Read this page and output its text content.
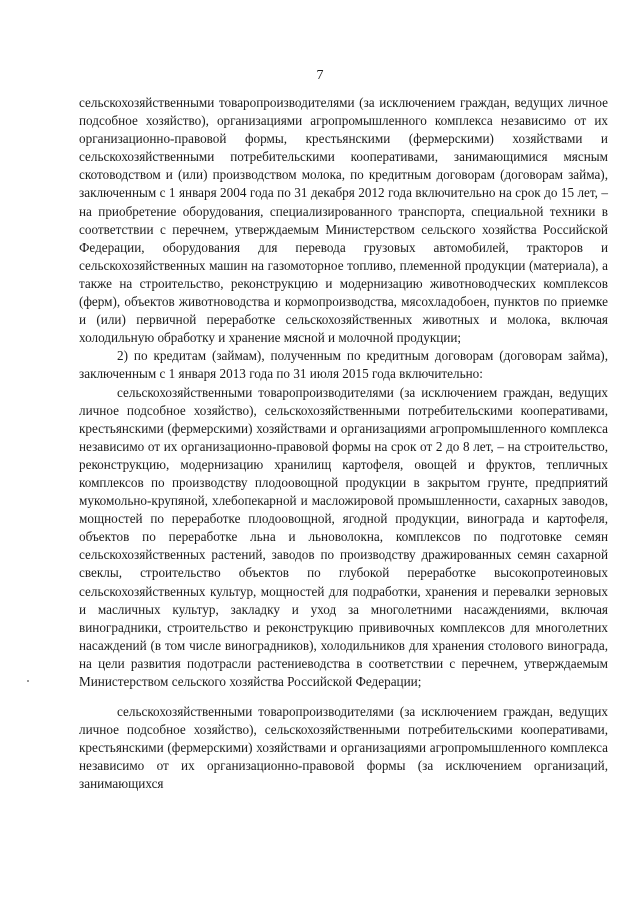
7

сельскохозяйственными товаропроизводителями (за исключением граждан, ведущих личное подсобное хозяйство), организациями агропромышленного комплекса независимо от их организационно-правовой формы, крестьянскими (фермерскими) хозяйствами и сельскохозяйственными потребительскими кооперативами, занимающимися мясным скотоводством и (или) производством молока, по кредитным договорам (договорам займа), заключенным с 1 января 2004 года по 31 декабря 2012 года включительно на срок до 15 лет, – на приобретение оборудования, специализированного транспорта, специальной техники в соответствии с перечнем, утверждаемым Министерством сельского хозяйства Российской Федерации, оборудования для перевода грузовых автомобилей, тракторов и сельскохозяйственных машин на газомоторное топливо, племенной продукции (материала), а также на строительство, реконструкцию и модернизацию животноводческих комплексов (ферм), объектов животноводства и кормопроизводства, мясохладобоен, пунктов по приемке и (или) первичной переработке сельскохозяйственных животных и молока, включая холодильную обработку и хранение мясной и молочной продукции;

2) по кредитам (займам), полученным по кредитным договорам (договорам займа), заключенным с 1 января 2013 года по 31 июля 2015 года включительно:

сельскохозяйственными товаропроизводителями (за исключением граждан, ведущих личное подсобное хозяйство), сельскохозяйственными потребительскими кооперативами, крестьянскими (фермерскими) хозяйствами и организациями агропромышленного комплекса независимо от их организационно-правовой формы на срок от 2 до 8 лет, – на строительство, реконструкцию, модернизацию хранилищ картофеля, овощей и фруктов, тепличных комплексов по производству плодоовощной продукции в закрытом грунте, предприятий мукомольно-крупяной, хлебопекарной и масложировой промышленности, сахарных заводов, мощностей по переработке плодоовощной, ягодной продукции, винограда и картофеля, объектов по переработке льна и льноволокна, комплексов по подготовке семян сельскохозяйственных растений, заводов по производству дражированных семян сахарной свеклы, строительство объектов по глубокой переработке высокопротеиновых сельскохозяйственных культур, мощностей для подработки, хранения и перевалки зерновых и масличных культур, закладку и уход за многолетними насаждениями, включая виноградники, строительство и реконструкцию прививочных комплексов для многолетних насаждений (в том числе виноградников), холодильников для хранения столового винограда, на цели развития подотрасли растениеводства в соответствии с перечнем, утверждаемым Министерством сельского хозяйства Российской Федерации;

сельскохозяйственными товаропроизводителями (за исключением граждан, ведущих личное подсобное хозяйство), сельскохозяйственными потребительскими кооперативами, крестьянскими (фермерскими) хозяйствами и организациями агропромышленного комплекса независимо от их организационно-правовой формы (за исключением организаций, занимающихся
